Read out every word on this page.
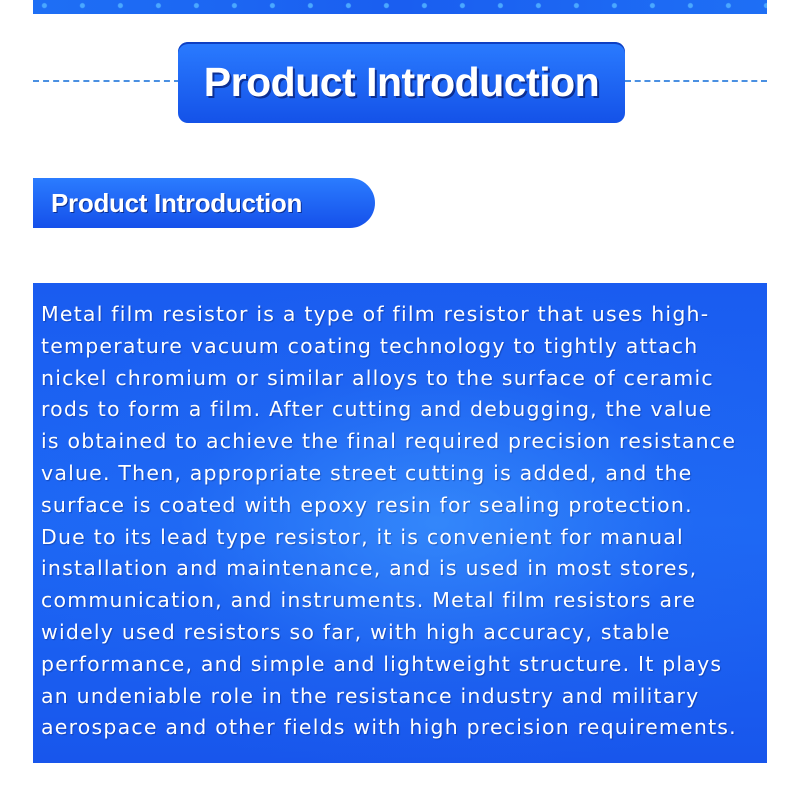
Product Introduction
Product Introduction

Metal film resistor is a type of film resistor that uses high-
temperature vacuum coating technology to tightly attach
nickel chromium or similar alloys to the surface of ceramic
rods to form a film. After cutting and debugging, the value
is obtained to achieve the final required precision resistance
value. Then, appropriate street cutting is added, and the
surface is coated with epoxy resin for sealing protection.
Due to its lead type resistor, it is convenient for manual
installation and maintenance, and is used in most stores,
communication, and instruments. Metal film resistors are
widely used resistors so far, with high accuracy, stable
performance, and simple and lightweight structure. It plays
an undeniable role in the resistance industry and military
aerospace and other fields with high precision requirements.
